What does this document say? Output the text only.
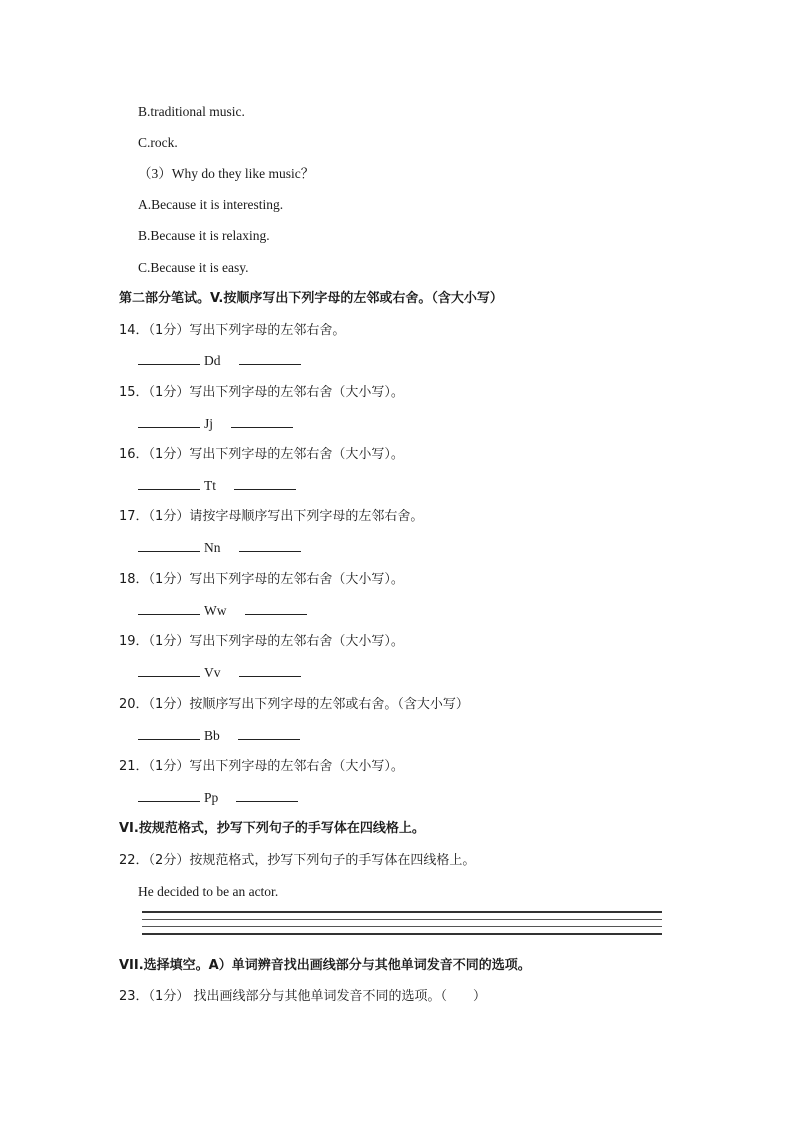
B.traditional music.
C.rock.
（3）Why do they like music？
A.Because it is interesting.
B.Because it is relaxing.
C.Because it is easy.
第二部分笔试。V.按顺序写出下列字母的左邻或右舍。（含大小写）
14．（1分）写出下列字母的左邻右舍。
Dd
15．（1分）写出下列字母的左邻右舍（大小写）。
Jj
16．（1分）写出下列字母的左邻右舍（大小写）。
Tt
17．（1分）请按字母顺序写出下列字母的左邻右舍。
Nn
18．（1分）写出下列字母的左邻右舍（大小写）。
Ww
19．（1分）写出下列字母的左邻右舍（大小写）。
Vv
20．（1分）按顺序写出下列字母的左邻或右舍。（含大小写）
Bb
21．（1分）写出下列字母的左邻右舍（大小写）。
Pp
VI.按规范格式，抄写下列句子的手写体在四线格上。
22．（2分）按规范格式，抄写下列句子的手写体在四线格上。
He decided to be an actor.
VII.选择填空。A）单词辨音找出画线部分与其他单词发音不同的选项。
23．（1分） 找出画线部分与其他单词发音不同的选项。（　　）
